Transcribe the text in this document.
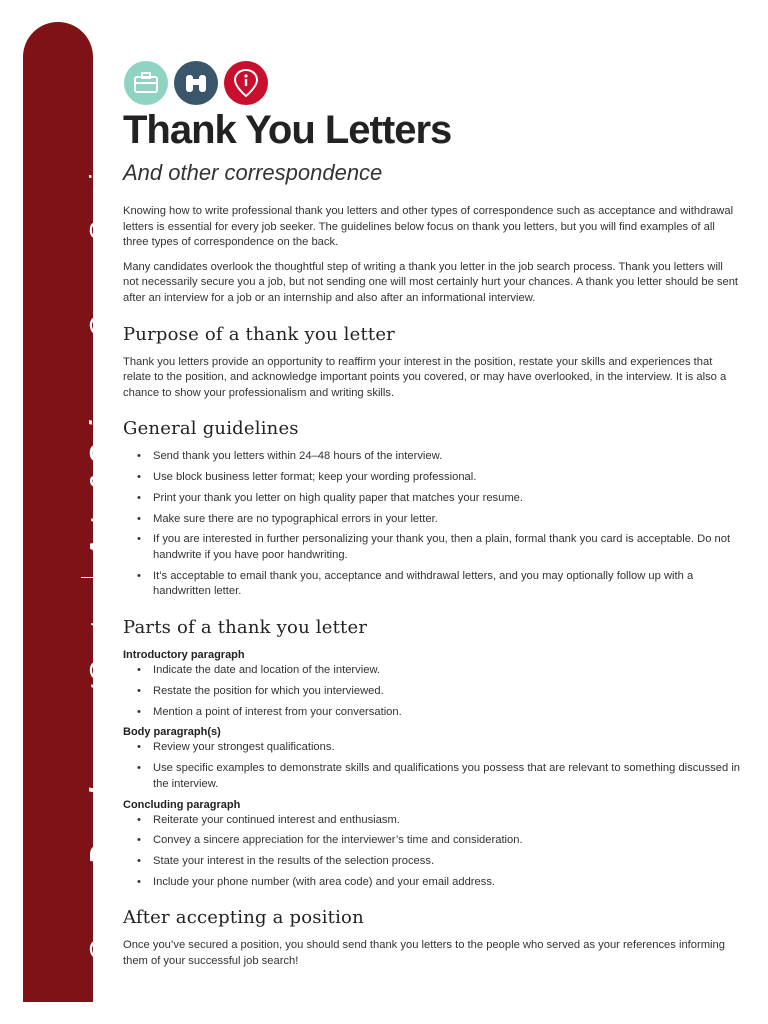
Career

Development
Center
Arts & Sciences
Career Services
Thank You Letters
And other correspondence

Knowing how to write professional thank you letters and other types of correspondence such as acceptance and withdrawal letters is essential for every job seeker. The guidelines below focus on thank you letters, but you will find examples of all three types of correspondence on the back.

Many candidates overlook the thoughtful step of writing a thank you letter in the job search process. Thank you letters will not necessarily secure you a job, but not sending one will most certainly hurt your chances. A thank you letter should be sent after an interview for a job or an internship and also after an informational interview.

Purpose of a thank you letter

Thank you letters provide an opportunity to reaffirm your interest in the position, restate your skills and experiences that relate to the position, and acknowledge important points you covered, or may have overlooked, in the interview. It is also a chance to show your professionalism and writing skills.

General guidelines
• Send thank you letters within 24–48 hours of the interview.
• Use block business letter format; keep your wording professional.
• Print your thank you letter on high quality paper that matches your resume.
• Make sure there are no typographical errors in your letter.
• If you are interested in further personalizing your thank you, then a plain, formal thank you card is acceptable. Do not handwrite if you have poor handwriting.
• It’s acceptable to email thank you, acceptance and withdrawal letters, and you may optionally follow up with a handwritten letter.
Parts of a thank you letter
Introductory paragraph
• Indicate the date and location of the interview.
• Restate the position for which you interviewed.
• Mention a point of interest from your conversation.
Body paragraph(s)
• Review your strongest qualifications.
• Use specific examples to demonstrate skills and qualifications you possess that are relevant to something discussed in the interview.
Concluding paragraph
• Reiterate your continued interest and enthusiasm.
• Convey a sincere appreciation for the interviewer’s time and consideration.
• State your interest in the results of the selection process.
• Include your phone number (with area code) and your email address.
After accepting a position

Once you’ve secured a position, you should send thank you letters to the people who served as your references informing them of your successful job search!
